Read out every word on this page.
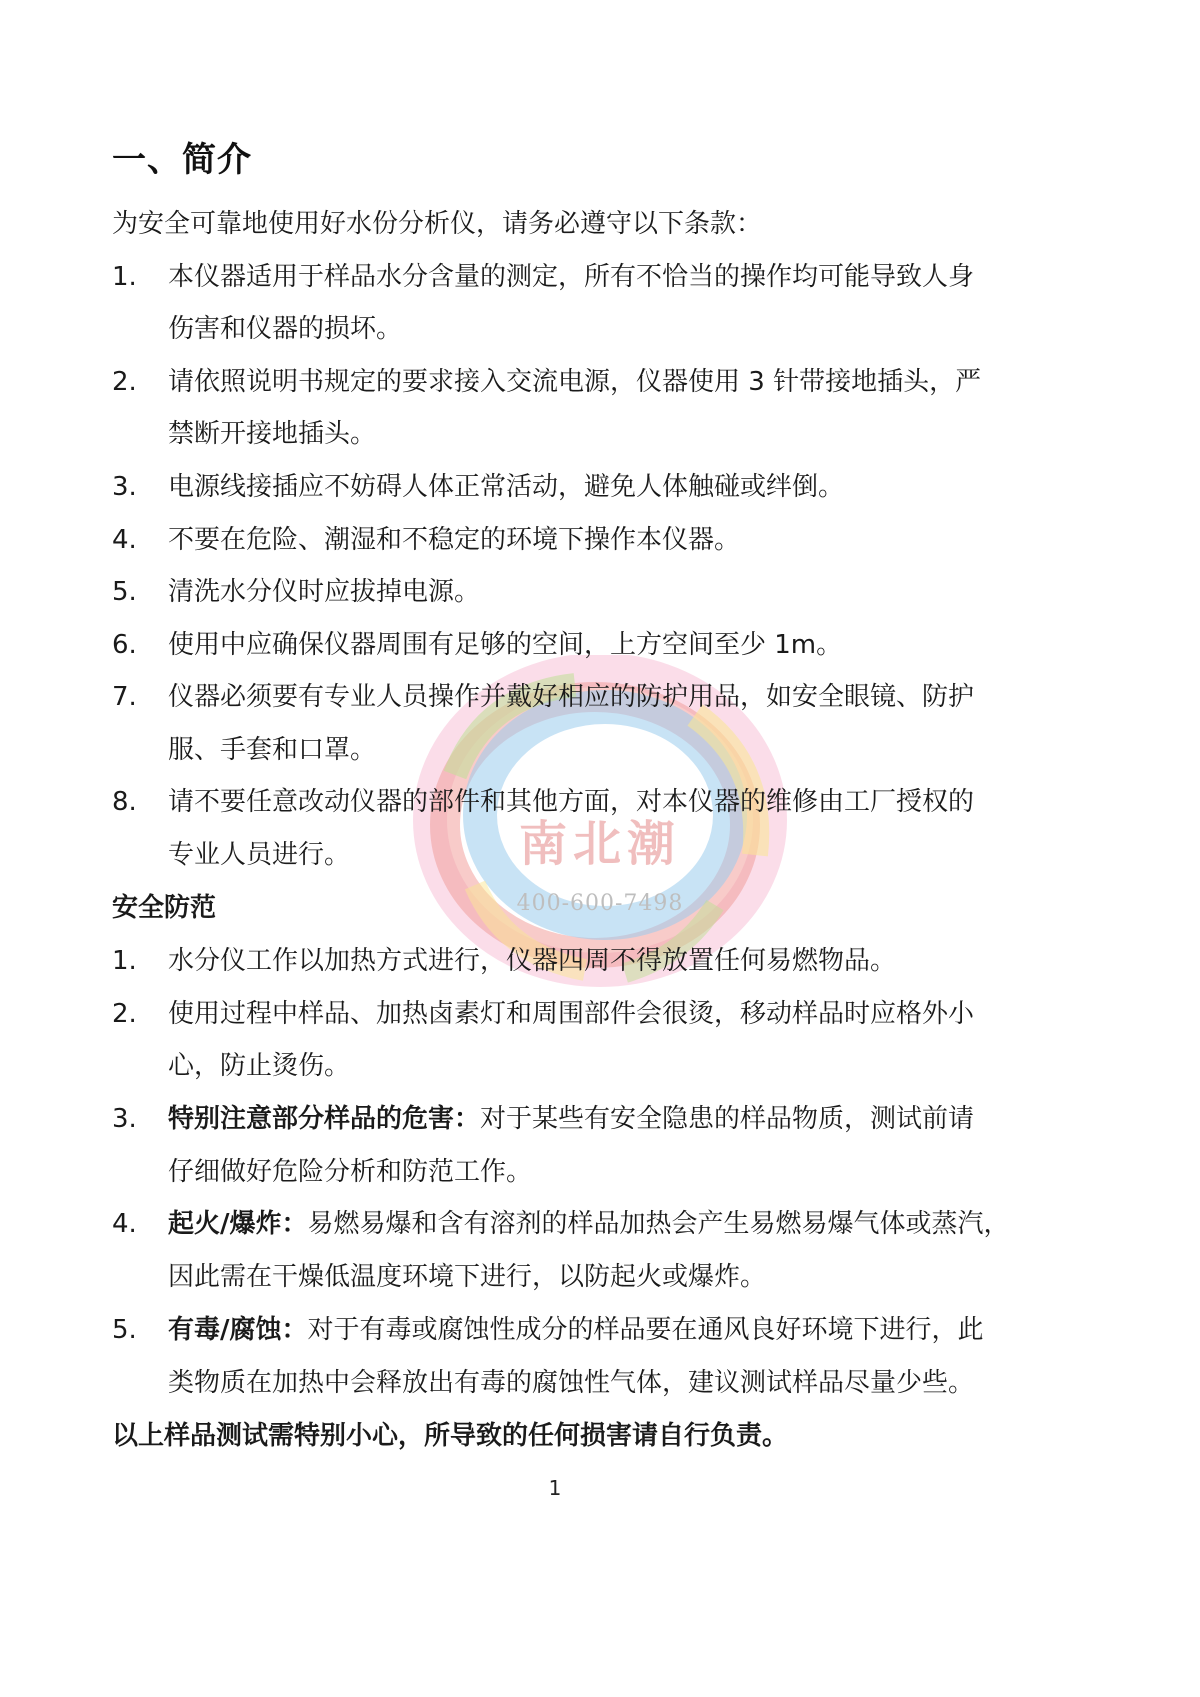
南北潮
400-600-7498
一、简介
为安全可靠地使用好水份分析仪，请务必遵守以下条款：
1. 本仪器适用于样品水分含量的测定，所有不恰当的操作均可能导致人身
伤害和仪器的损坏。
2. 请依照说明书规定的要求接入交流电源，仪器使用 3 针带接地插头，严
禁断开接地插头。
3. 电源线接插应不妨碍人体正常活动，避免人体触碰或绊倒。
4. 不要在危险、潮湿和不稳定的环境下操作本仪器。
5. 清洗水分仪时应拔掉电源。
6. 使用中应确保仪器周围有足够的空间，上方空间至少 1m。
7. 仪器必须要有专业人员操作并戴好相应的防护用品，如安全眼镜、防护
服、手套和口罩。
8. 请不要任意改动仪器的部件和其他方面，对本仪器的维修由工厂授权的
专业人员进行。
安全防范
1. 水分仪工作以加热方式进行，仪器四周不得放置任何易燃物品。
2. 使用过程中样品、加热卤素灯和周围部件会很烫，移动样品时应格外小
心，防止烫伤。
3. 特别注意部分样品的危害：对于某些有安全隐患的样品物质，测试前请
仔细做好危险分析和防范工作。
4. 起火/爆炸：易燃易爆和含有溶剂的样品加热会产生易燃易爆气体或蒸汽，
因此需在干燥低温度环境下进行，以防起火或爆炸。
5. 有毒/腐蚀：对于有毒或腐蚀性成分的样品要在通风良好环境下进行，此
类物质在加热中会释放出有毒的腐蚀性气体，建议测试样品尽量少些。
以上样品测试需特别小心，所导致的任何损害请自行负责。
1
